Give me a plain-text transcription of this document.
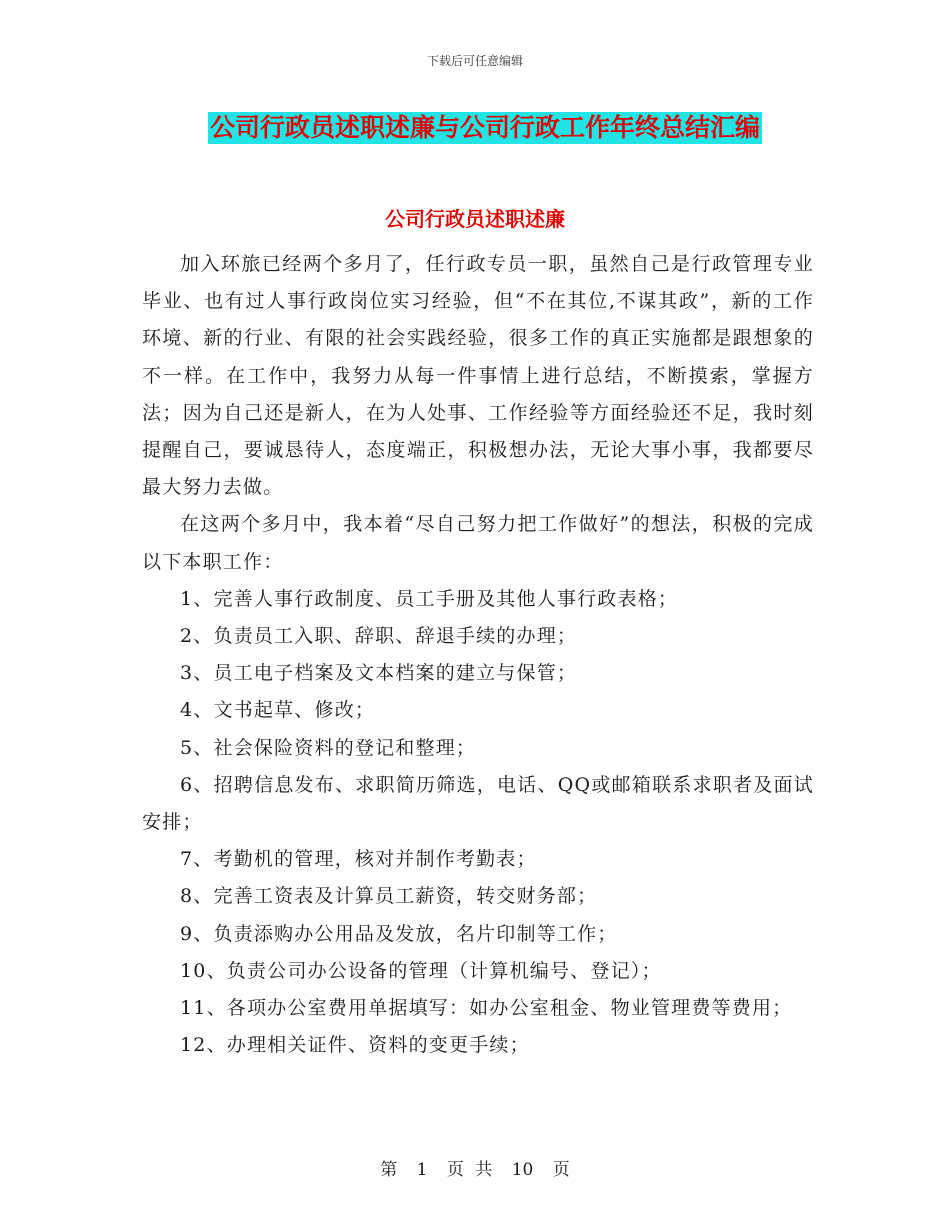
下载后可任意编辑
公司行政员述职述廉与公司行政工作年终总结汇编
公司行政员述职述廉

加入环旅已经两个多月了，任行政专员一职，虽然自己是行政管理专业毕业、也有过人事行政岗位实习经验，但“不在其位,不谋其政”，新的工作环境、新的行业、有限的社会实践经验，很多工作的真正实施都是跟想象的不一样。在工作中，我努力从每一件事情上进行总结，不断摸索，掌握方法；因为自己还是新人，在为人处事、工作经验等方面经验还不足，我时刻提醒自己，要诚恳待人，态度端正，积极想办法，无论大事小事，我都要尽最大努力去做。

在这两个多月中，我本着“尽自己努力把工作做好”的想法，积极的完成以下本职工作：

1、完善人事行政制度、员工手册及其他人事行政表格；

2、负责员工入职、辞职、辞退手续的办理；

3、员工电子档案及文本档案的建立与保管；

4、文书起草、修改；

5、社会保险资料的登记和整理；

6、招聘信息发布、求职简历筛选，电话、QQ或邮箱联系求职者及面试安排；

7、考勤机的管理，核对并制作考勤表；

8、完善工资表及计算员工薪资，转交财务部；

9、负责添购办公用品及发放，名片印制等工作；

10、负责公司办公设备的管理（计算机编号、登记）；

11、各项办公室费用单据填写：如办公室租金、物业管理费等费用；

12、办理相关证件、资料的变更手续；

第 1 页 共 10 页
